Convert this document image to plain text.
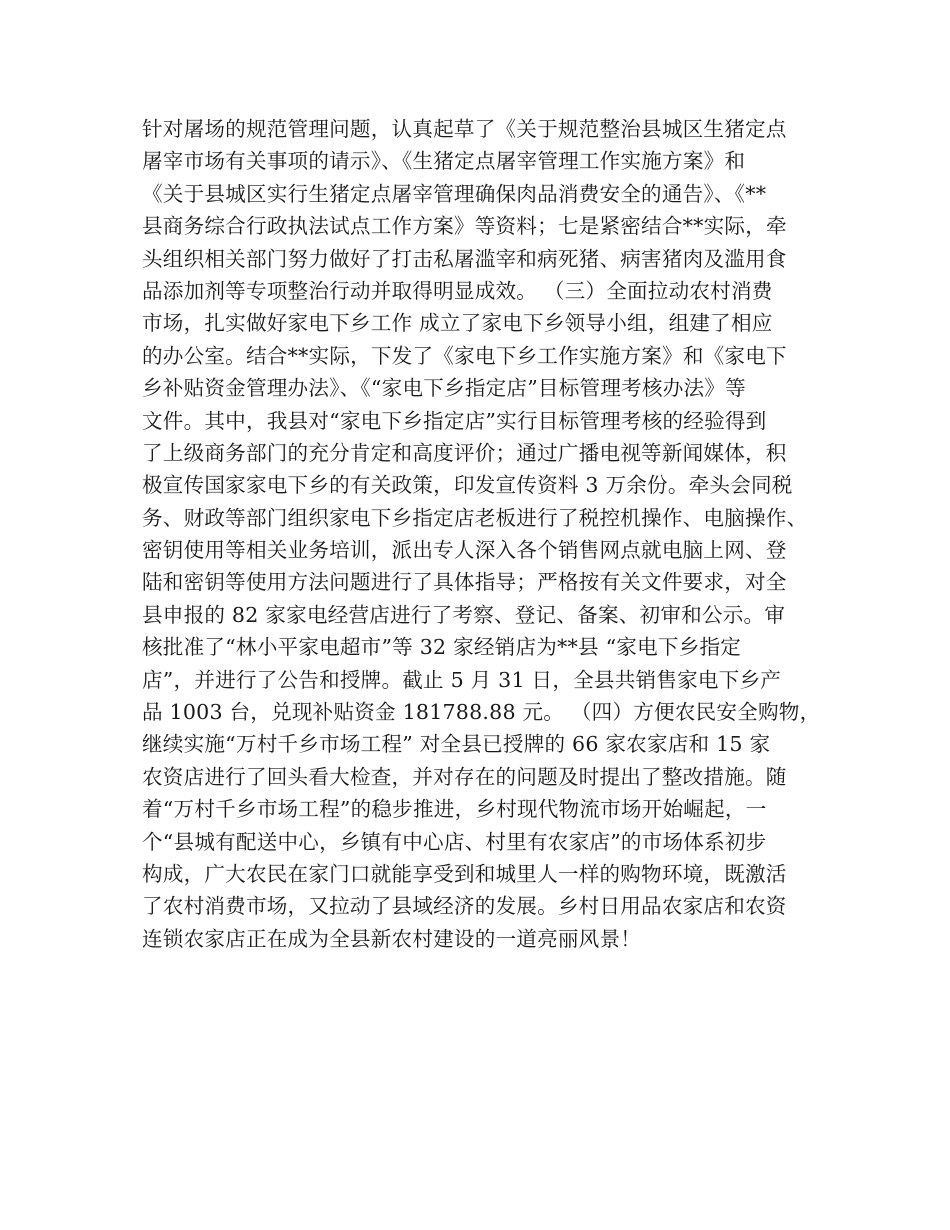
针对屠场的规范管理问题，认真起草了《关于规范整治县城区生猪定点
屠宰市场有关事项的请示》、《生猪定点屠宰管理工作实施方案》和
《关于县城区实行生猪定点屠宰管理确保肉品消费安全的通告》、《**
县商务综合行政执法试点工作方案》等资料；七是紧密结合**实际，牵
头组织相关部门努力做好了打击私屠滥宰和病死猪、病害猪肉及滥用食
品添加剂等专项整治行动并取得明显成效。 （三）全面拉动农村消费
市场，扎实做好家电下乡工作 成立了家电下乡领导小组，组建了相应
的办公室。结合**实际，下发了《家电下乡工作实施方案》和《家电下
乡补贴资金管理办法》、《“家电下乡指定店”目标管理考核办法》等
文件。其中，我县对“家电下乡指定店”实行目标管理考核的经验得到
了上级商务部门的充分肯定和高度评价；通过广播电视等新闻媒体，积
极宣传国家家电下乡的有关政策，印发宣传资料 3 万余份。牵头会同税
务、财政等部门组织家电下乡指定店老板进行了税控机操作、电脑操作、
密钥使用等相关业务培训，派出专人深入各个销售网点就电脑上网、登
陆和密钥等使用方法问题进行了具体指导；严格按有关文件要求，对全
县申报的 82 家家电经营店进行了考察、登记、备案、初审和公示。审
核批准了“林小平家电超市”等 32 家经销店为**县 “家电下乡指定
店”，并进行了公告和授牌。截止 5 月 31 日，全县共销售家电下乡产
品 1003 台，兑现补贴资金 181788.88 元。 （四）方便农民安全购物，
继续实施“万村千乡市场工程” 对全县已授牌的 66 家农家店和 15 家
农资店进行了回头看大检查，并对存在的问题及时提出了整改措施。随
着“万村千乡市场工程”的稳步推进，乡村现代物流市场开始崛起，一
个“县城有配送中心，乡镇有中心店、村里有农家店”的市场体系初步
构成，广大农民在家门口就能享受到和城里人一样的购物环境，既激活
了农村消费市场，又拉动了县域经济的发展。乡村日用品农家店和农资
连锁农家店正在成为全县新农村建设的一道亮丽风景！
